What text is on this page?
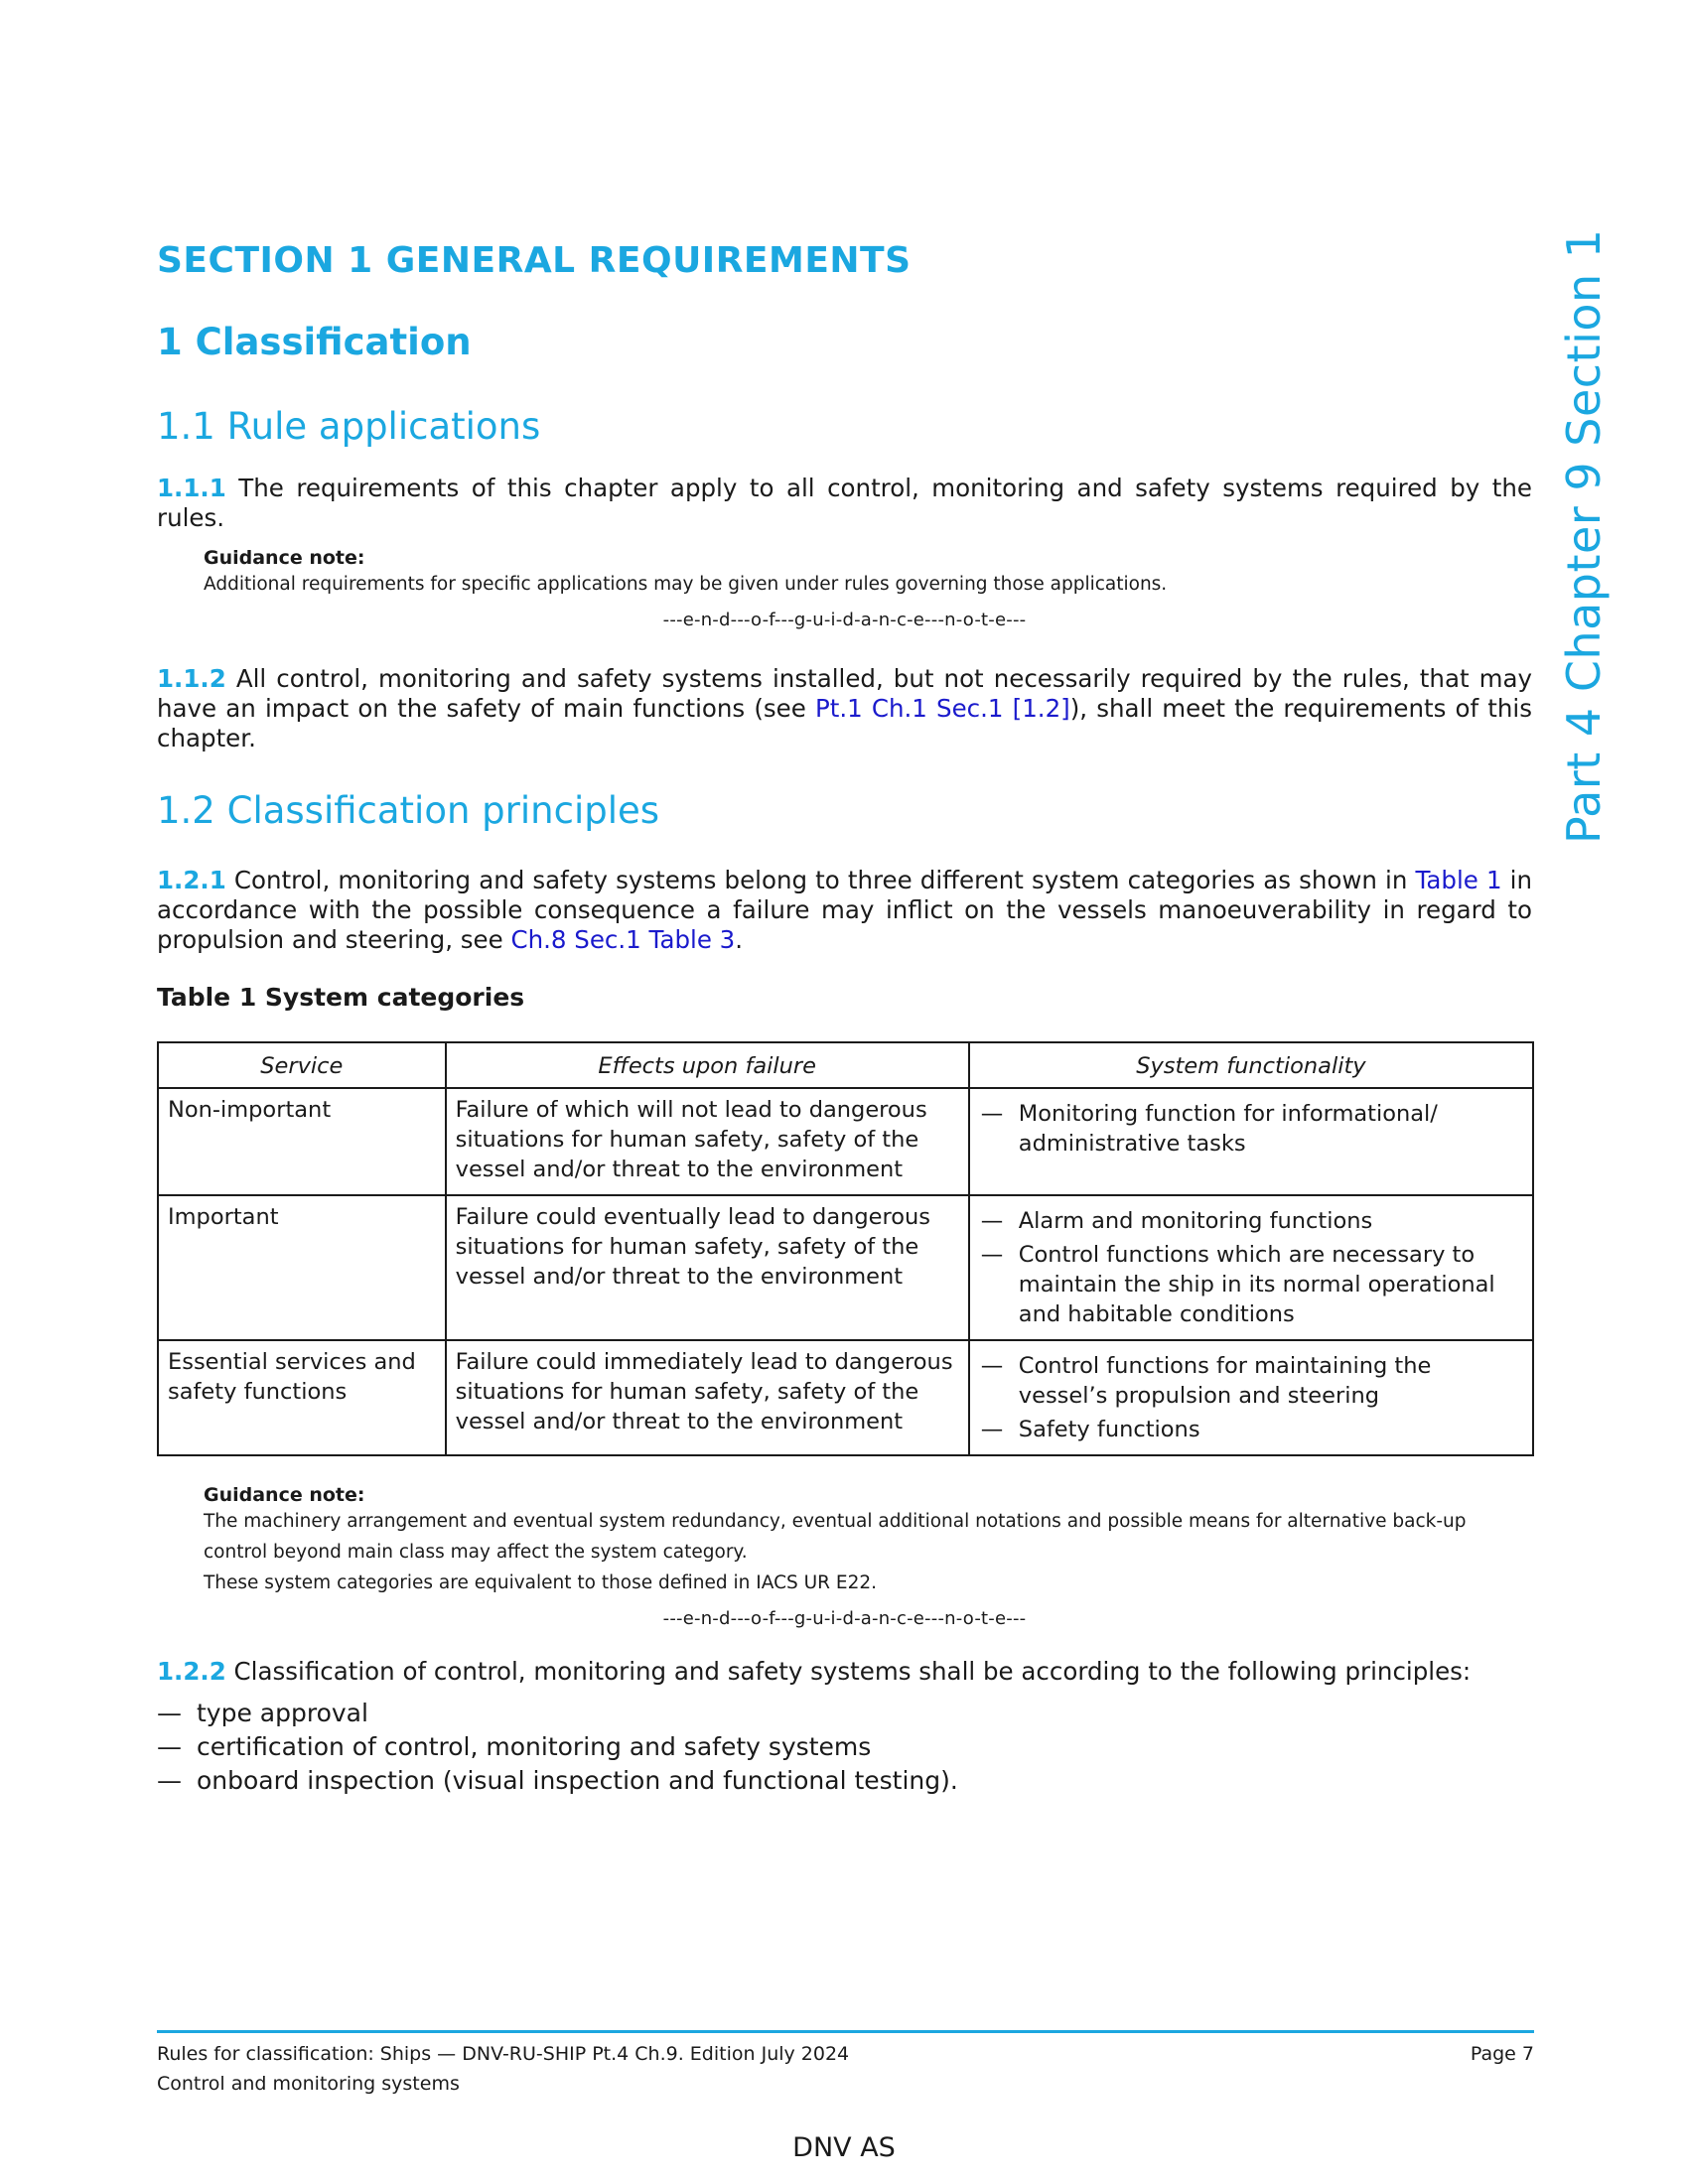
Part 4 Chapter 9 Section 1
SECTION 1 GENERAL REQUIREMENTS
1 Classification
1.1 Rule applications

1.1.1 The requirements of this chapter apply to all control, monitoring and safety systems required by the rules.

Guidance note:

Additional requirements for specific applications may be given under rules governing those applications.

---e-n-d---o-f---g-u-i-d-a-n-c-e---n-o-t-e---

1.1.2 All control, monitoring and safety systems installed, but not necessarily required by the rules, that may have an impact on the safety of main functions (see Pt.1 Ch.1 Sec.1 [1.2]), shall meet the requirements of this chapter.

1.2 Classification principles

1.2.1 Control, monitoring and safety systems belong to three different system categories as shown in Table 1 in accordance with the possible consequence a failure may inflict on the vessels manoeuverability in regard to propulsion and steering, see Ch.8 Sec.1 Table 3.

Table 1 System categories

Service	Effects upon failure	System functionality
Non-important	Failure of which will not lead to dangerous situations for human safety, safety of the vessel and/or threat to the environment	— Monitoring function for informational/ administrative tasks

Important	Failure could eventually lead to dangerous situations for human safety, safety of the vessel and/or threat to the environment	— Alarm and monitoring functions
— Control functions which are necessary to maintain the ship in its normal operational and habitable conditions

Essential services and safety functions	Failure could immediately lead to dangerous situations for human safety, safety of the vessel and/or threat to the environment	— Control functions for maintaining the vessel’s propulsion and steering
— Safety functions

Guidance note:

The machinery arrangement and eventual system redundancy, eventual additional notations and possible means for alternative back-up control beyond main class may affect the system category.

These system categories are equivalent to those defined in IACS UR E22.

---e-n-d---o-f---g-u-i-d-a-n-c-e---n-o-t-e---

1.2.2 Classification of control, monitoring and safety systems shall be according to the following principles:

— type approval
— certification of control, monitoring and safety systems
— onboard inspection (visual inspection and functional testing).
Rules for classification: Ships — DNV-RU-SHIP Pt.4 Ch.9. Edition July 2024
Control and monitoring systems
Page 7
DNV AS
